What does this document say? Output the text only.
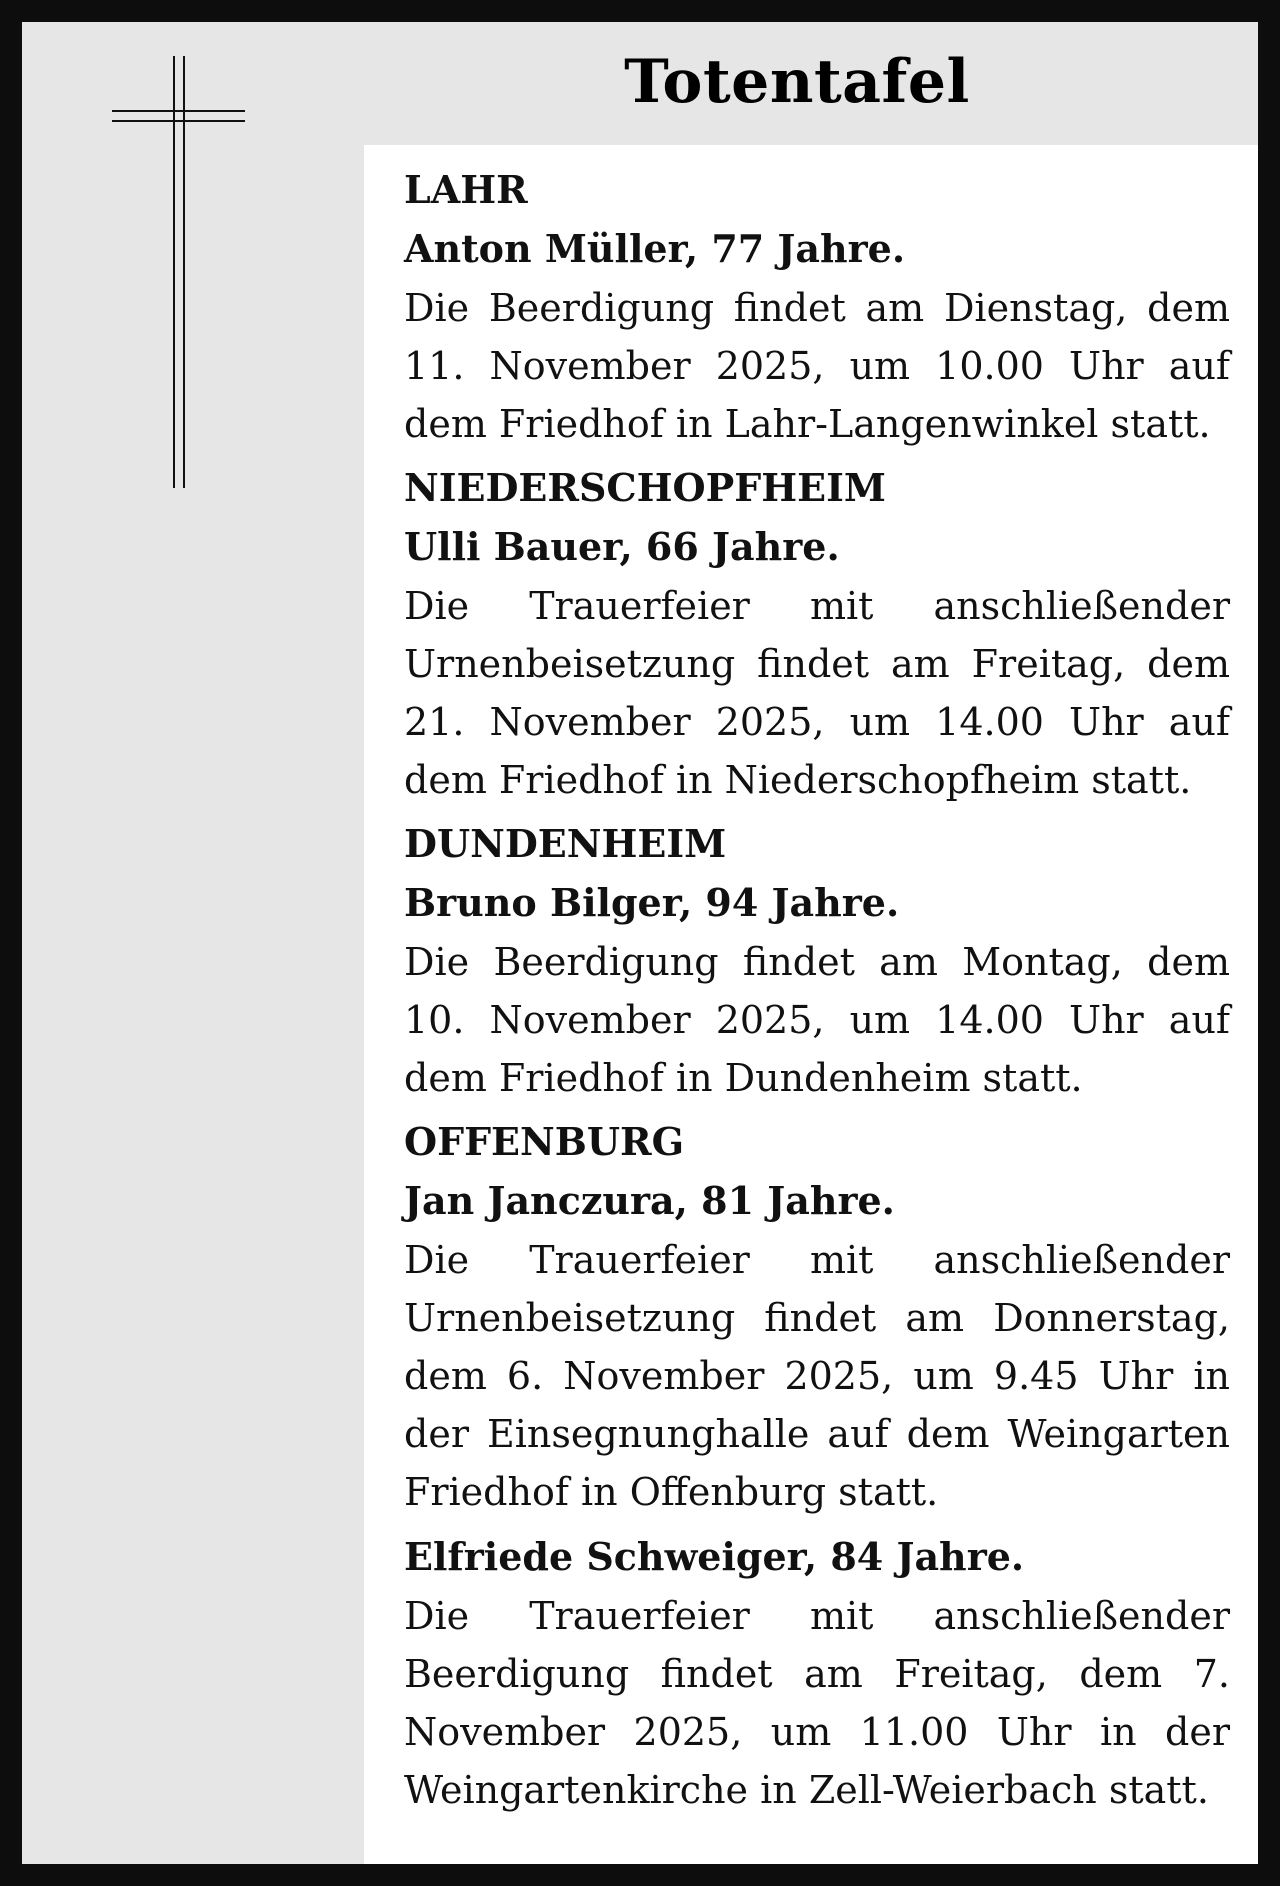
Totentafel

LAHR

Anton Müller, 77 Jahre.

Die Beerdigung findet am Dienstag, dem 11. November 2025, um 10.00 Uhr auf dem Friedhof in Lahr-Langenwinkel statt.

NIEDERSCHOPFHEIM

Ulli Bauer, 66 Jahre.

Die Trauerfeier mit anschließender Urnenbeisetzung findet am Freitag, dem 21. November 2025, um 14.00 Uhr auf dem Friedhof in Niederschopfheim statt.

DUNDENHEIM

Bruno Bilger, 94 Jahre.

Die Beerdigung findet am Montag, dem 10. November 2025, um 14.00 Uhr auf dem Friedhof in Dundenheim statt.

OFFENBURG

Jan Janczura, 81 Jahre.

Die Trauerfeier mit anschließender Urnenbeisetzung findet am Donnerstag, dem 6. November 2025, um 9.45 Uhr in der Einsegnunghalle auf dem Weingarten Friedhof in Offenburg statt.

Elfriede Schweiger, 84 Jahre.

Die Trauerfeier mit anschließender Beerdigung findet am Freitag, dem 7. November 2025, um 11.00 Uhr in der Weingartenkirche in Zell-Weierbach statt.
